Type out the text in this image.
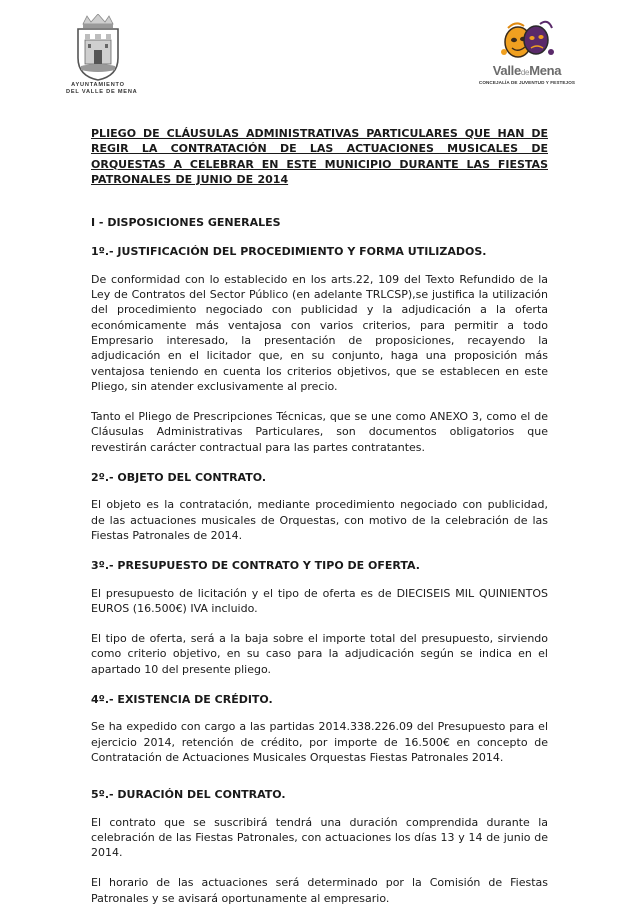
AYUNTAMIENTO
DEL VALLE DE MENA
ValledeMena
CONCEJALÍA DE JUVENTUD Y FESTEJOS
PLIEGO DE CLÁUSULAS ADMINISTRATIVAS PARTICULARES QUE HAN DE REGIR LA CONTRATACIÓN DE LAS ACTUACIONES MUSICALES DE ORQUESTAS A CELEBRAR EN ESTE MUNICIPIO DURANTE LAS FIESTAS PATRONALES DE JUNIO DE 2014
I - DISPOSICIONES GENERALES
1º.- JUSTIFICACIÓN DEL PROCEDIMIENTO Y FORMA UTILIZADOS.

De conformidad con lo establecido en los arts.22, 109 del Texto Refundido de la Ley de Contratos del Sector Público (en adelante TRLCSP),se justifica la utilización del procedimiento negociado con publicidad y la adjudicación a la oferta económicamente más ventajosa con varios criterios, para permitir a todo Empresario interesado, la presentación de proposiciones, recayendo la adjudicación en el licitador que, en su conjunto, haga una proposición más ventajosa teniendo en cuenta los criterios objetivos, que se establecen en este Pliego, sin atender exclusivamente al precio.

Tanto el Pliego de Prescripciones Técnicas, que se une como ANEXO 3, como el de Cláusulas Administrativas Particulares, son documentos obligatorios que revestirán carácter contractual para las partes contratantes.

2º.- OBJETO DEL CONTRATO.

El objeto es la contratación, mediante procedimiento negociado con publicidad, de las actuaciones musicales de Orquestas, con motivo de la celebración de las Fiestas Patronales de 2014.

3º.- PRESUPUESTO DE CONTRATO Y TIPO DE OFERTA.

El presupuesto de licitación y el tipo de oferta es de DIECISEIS MIL QUINIENTOS EUROS (16.500€) IVA incluido.

El tipo de oferta, será a la baja sobre el importe total del presupuesto, sirviendo como criterio objetivo, en su caso para la adjudicación según se indica en el apartado 10 del presente pliego.

4º.- EXISTENCIA DE CRÉDITO.

Se ha expedido con cargo a las partidas 2014.338.226.09 del Presupuesto para el ejercicio 2014, retención de crédito, por importe de 16.500€ en concepto de Contratación de Actuaciones Musicales Orquestas Fiestas Patronales 2014.

5º.- DURACIÓN DEL CONTRATO.

El contrato que se suscribirá tendrá una duración comprendida durante la celebración de las Fiestas Patronales, con actuaciones los días 13 y 14 de junio de 2014.

El horario de las actuaciones será determinado por la Comisión de Fiestas Patronales y se avisará oportunamente al empresario.
